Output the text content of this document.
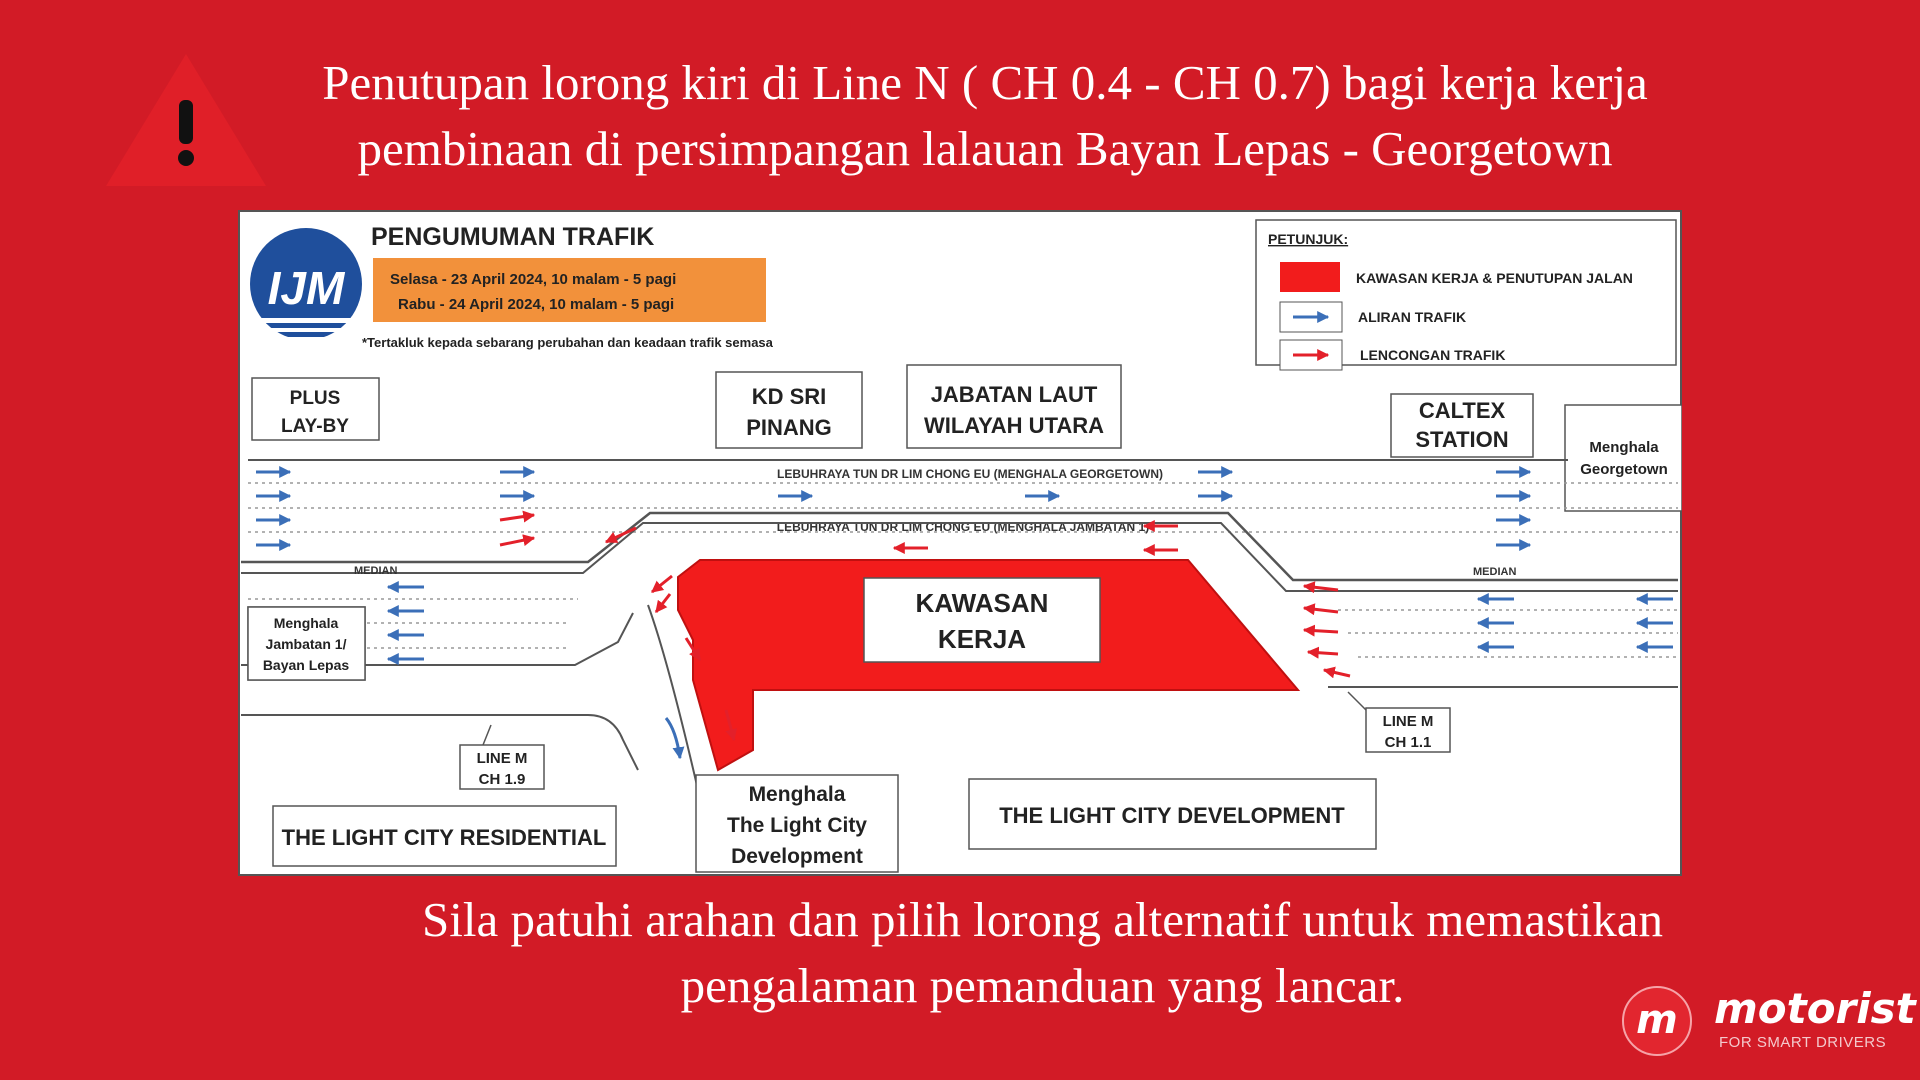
Penutupan lorong kiri di Line N ( CH 0.4 - CH 0.7) bagi kerja kerja
pembinaan di persimpangan lalauan Bayan Lepas - Georgetown
IJM
PENGUMUMAN TRAFIK
Selasa - 23 April 2024, 10 malam - 5 pagi
Rabu - 24 April 2024, 10 malam - 5 pagi
*Tertakluk kepada sebarang perubahan dan keadaan trafik semasa
PETUNJUK:
KAWASAN KERJA & PENUTUPAN JALAN
ALIRAN TRAFIK
LENCONGAN TRAFIK
PLUS
LAY-BY
KD SRI
PINANG
JABATAN LAUT
WILAYAH UTARA
CALTEX
STATION	Menghala
Georgetown
LEBUHRAYA TUN DR LIM CHONG EU (MENGHALA GEORGETOWN)
LEBUHRAYA TUN DR LIM CHONG EU (MENGHALA JAMBATAN 1)
MEDIAN	MEDIAN
KAWASAN
KERJA
Menghala
Jambatan 1/
Bayan Lepas
LINE M
CH 1.9
LINE M
CH 1.1
THE LIGHT CITY RESIDENTIAL
Menghala
The Light City
Development
THE LIGHT CITY DEVELOPMENT
Sila patuhi arahan dan pilih lorong alternatif untuk memastikan
pengalaman pemanduan yang lancar.
m motorist
FOR SMART DRIVERS
